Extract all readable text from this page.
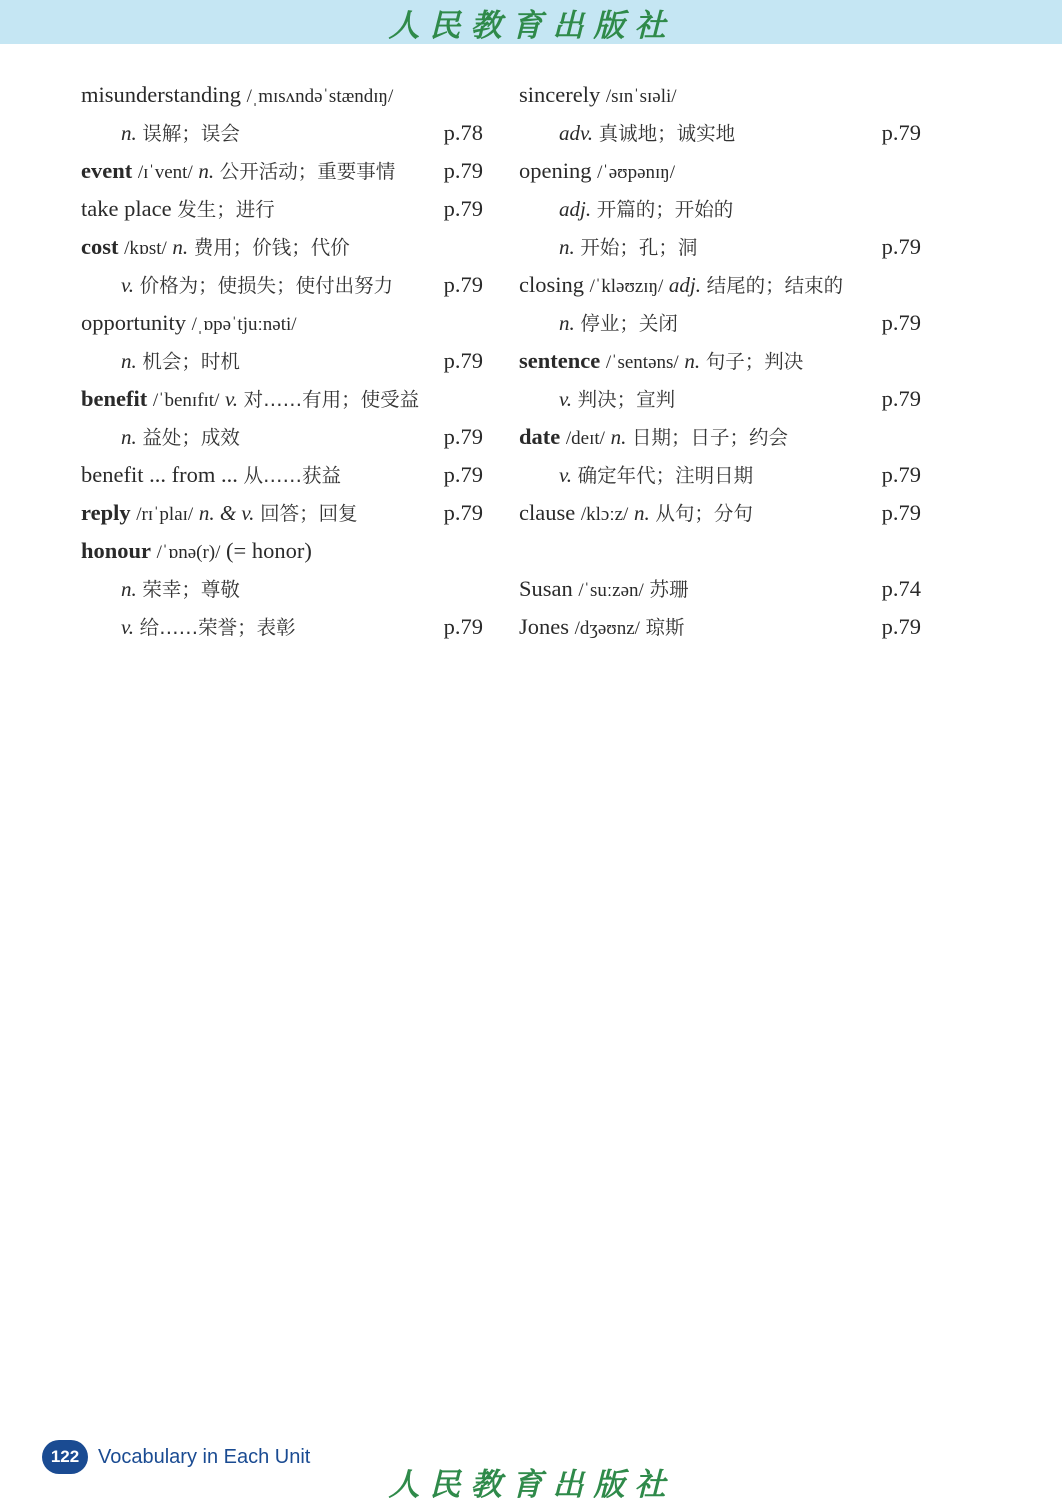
人民教育出版社
misunderstanding /ˌmɪsʌndəˈstændɪŋ/
n. 误解；误会	p.78
event /ɪˈvent/ n. 公开活动；重要事情 p.79
take place 发生；进行	p.79
cost /kɒst/ n. 费用；价钱；代价
v. 价格为；使损失；使付出努力 p.79
opportunity /ˌɒpəˈtjuːnəti/
n. 机会；时机	p.79
benefit /ˈbenɪfɪt/ v. 对……有用；使受益
n. 益处；成效	p.79
benefit ... from ... 从……获益	p.79
reply /rɪˈplaɪ/ n. & v. 回答；回复	p.79
honour /ˈɒnə(r)/ (= honor)
n. 荣幸；尊敬
v. 给……荣誉；表彰	p.79
sincerely /sɪnˈsɪəli/
adv. 真诚地；诚实地	p.79
opening /ˈəʊpənɪŋ/
adj. 开篇的；开始的
n. 开始；孔；洞	p.79
closing /ˈkləʊzɪŋ/ adj. 结尾的；结束的
n. 停业；关闭	p.79
sentence /ˈsentəns/ n. 句子；判决
v. 判决；宣判	p.79
date /deɪt/ n. 日期；日子；约会
v. 确定年代；注明日期	p.79
clause /klɔːz/ n. 从句；分句	p.79
Susan /ˈsuːzən/ 苏珊	p.74
Jones /dʒəʊnz/ 琼斯	p.79
122 Vocabulary in Each Unit
人民教育出版社
